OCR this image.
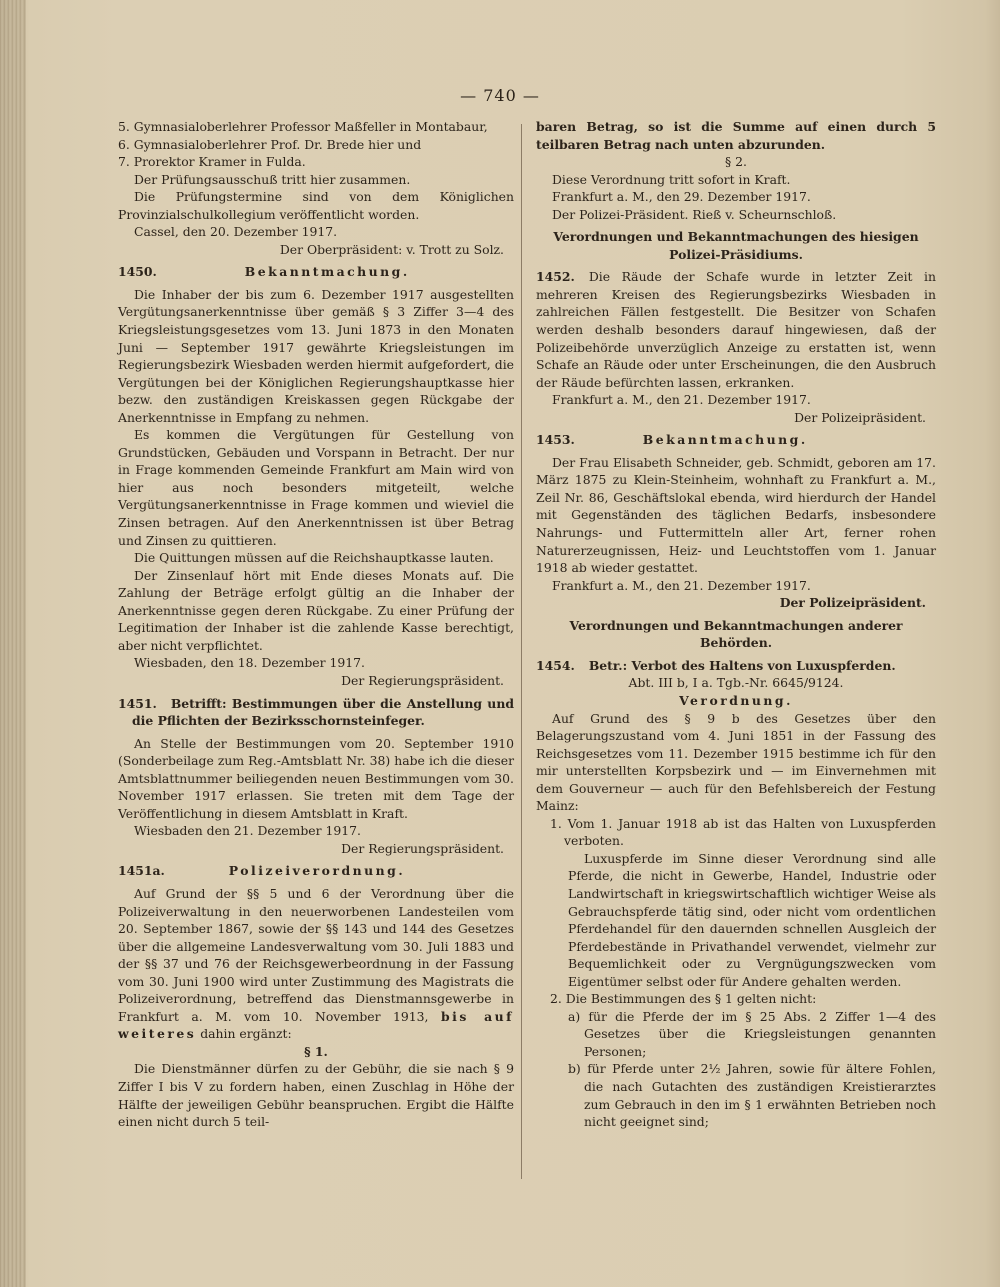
— 740 —

5. Gymnasialoberlehrer Professor Maßfeller in Montabaur,

6. Gymnasialoberlehrer Prof. Dr. Brede hier und

7. Prorektor Kramer in Fulda.

Der Prüfungsausschuß tritt hier zusammen.

Die Prüfungstermine sind von dem Königlichen Provinzialschulkollegium veröffentlicht worden.

Cassel, den 20. Dezember 1917.

Der Oberpräsident: v. Trott zu Solz.

1450.	Bekanntmachung.

Die Inhaber der bis zum 6. Dezember 1917 ausgestellten Vergütungsanerkenntnisse über gemäß § 3 Ziffer 3—4 des Kriegsleistungsgesetzes vom 13. Juni 1873 in den Monaten Juni — September 1917 gewährte Kriegsleistungen im Regierungsbezirk Wiesbaden werden hiermit aufgefordert, die Vergütungen bei der Königlichen Regierungshauptkasse hier bezw. den zuständigen Kreiskassen gegen Rückgabe der Anerkenntnisse in Empfang zu nehmen.

Es kommen die Vergütungen für Gestellung von Grundstücken, Gebäuden und Vorspann in Betracht. Der nur in Frage kommenden Gemeinde Frankfurt am Main wird von hier aus noch besonders mitgeteilt, welche Vergütungsanerkenntnisse in Frage kommen und wieviel die Zinsen betragen. Auf den Anerkenntnissen ist über Betrag und Zinsen zu quittieren.

Die Quittungen müssen auf die Reichshauptkasse lauten.

Der Zinsenlauf hört mit Ende dieses Monats auf. Die Zahlung der Beträge erfolgt gültig an die Inhaber der Anerkenntnisse gegen deren Rückgabe. Zu einer Prüfung der Legitimation der Inhaber ist die zahlende Kasse berechtigt, aber nicht verpflichtet.

Wiesbaden, den 18. Dezember 1917.

Der Regierungspräsident.

1451. Betrifft: Bestimmungen über die Anstellung und die Pflichten der Bezirksschornsteinfeger.

An Stelle der Bestimmungen vom 20. September 1910 (Sonderbeilage zum Reg.-Amtsblatt Nr. 38) habe ich die dieser Amtsblattnummer beiliegenden neuen Bestimmungen vom 30. November 1917 erlassen. Sie treten mit dem Tage der Veröffentlichung in diesem Amtsblatt in Kraft.

Wiesbaden den 21. Dezember 1917.

Der Regierungspräsident.

1451a.	Polizeiverordnung.

Auf Grund der §§ 5 und 6 der Verordnung über die Polizeiverwaltung in den neuerworbenen Landesteilen vom 20. September 1867, sowie der §§ 143 und 144 des Gesetzes über die allgemeine Landesverwaltung vom 30. Juli 1883 und der §§ 37 und 76 der Reichsgewerbeordnung in der Fassung vom 30. Juni 1900 wird unter Zustimmung des Magistrats die Polizeiverordnung, betreffend das Dienstmannsgewerbe in Frankfurt a. M. vom 10. November 1913, bis auf weiteres dahin ergänzt:

§ 1.

Die Dienstmänner dürfen zu der Gebühr, die sie nach § 9 Ziffer I bis V zu fordern haben, einen Zuschlag in Höhe der Hälfte der jeweiligen Gebühr beanspruchen. Ergibt die Hälfte einen nicht durch 5 teil-

baren Betrag, so ist die Summe auf einen durch 5 teilbaren Betrag nach unten abzurunden.

§ 2.

Diese Verordnung tritt sofort in Kraft.

Frankfurt a. M., den 29. Dezember 1917.

Der Polizei-Präsident. Rieß v. Scheurnschloß.

Verordnungen und Bekanntmachungen des hiesigen Polizei-Präsidiums.

1452. Die Räude der Schafe wurde in letzter Zeit in mehreren Kreisen des Regierungsbezirks Wiesbaden in zahlreichen Fällen festgestellt. Die Besitzer von Schafen werden deshalb besonders darauf hingewiesen, daß der Polizeibehörde unverzüglich Anzeige zu erstatten ist, wenn Schafe an Räude oder unter Erscheinungen, die den Ausbruch der Räude befürchten lassen, erkranken.

Frankfurt a. M., den 21. Dezember 1917.

Der Polizeipräsident.

1453.	Bekanntmachung.

Der Frau Elisabeth Schneider, geb. Schmidt, geboren am 17. März 1875 zu Klein-Steinheim, wohnhaft zu Frankfurt a. M., Zeil Nr. 86, Geschäftslokal ebenda, wird hierdurch der Handel mit Gegenständen des täglichen Bedarfs, insbesondere Nahrungs- und Futtermitteln aller Art, ferner rohen Naturerzeugnissen, Heiz- und Leuchtstoffen vom 1. Januar 1918 ab wieder gestattet.

Frankfurt a. M., den 21. Dezember 1917.

Der Polizeipräsident.

Verordnungen und Bekanntmachungen anderer Behörden.

1454. Betr.: Verbot des Haltens von Luxuspferden.

Abt. III b, I a. Tgb.-Nr. 6645/9124.

Verordnung.

Auf Grund des § 9 b des Gesetzes über den Belagerungszustand vom 4. Juni 1851 in der Fassung des Reichsgesetzes vom 11. Dezember 1915 bestimme ich für den mir unterstellten Korpsbezirk und — im Einvernehmen mit dem Gouverneur — auch für den Befehlsbereich der Festung Mainz:

1. Vom 1. Januar 1918 ab ist das Halten von Luxuspferden verboten.

Luxuspferde im Sinne dieser Verordnung sind alle Pferde, die nicht in Gewerbe, Handel, Industrie oder Landwirtschaft in kriegswirtschaftlich wichtiger Weise als Gebrauchspferde tätig sind, oder nicht vom ordentlichen Pferdehandel für den dauernden schnellen Ausgleich der Pferdebestände in Privathandel verwendet, vielmehr zur Bequemlichkeit oder zu Vergnügungszwecken vom Eigentümer selbst oder für Andere gehalten werden.

2. Die Bestimmungen des § 1 gelten nicht:

a) für die Pferde der im § 25 Abs. 2 Ziffer 1—4 des Gesetzes über die Kriegsleistungen genannten Personen;

b) für Pferde unter 2½ Jahren, sowie für ältere Fohlen, die nach Gutachten des zuständigen Kreistierarztes zum Gebrauch in den im § 1 erwähnten Betrieben noch nicht geeignet sind;
